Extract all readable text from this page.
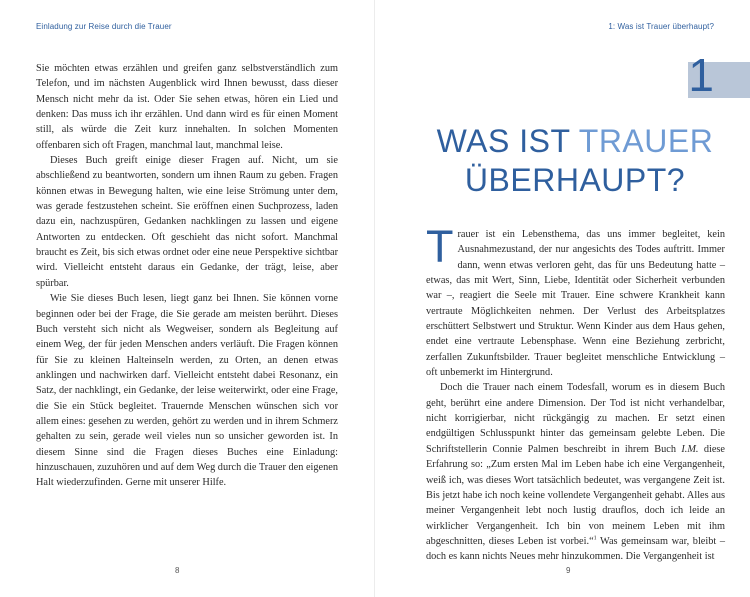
Einladung zur Reise durch die Trauer

Sie möchten etwas erzählen und greifen ganz selbstverständlich zum Telefon, und im nächsten Augenblick wird Ihnen bewusst, dass dieser Mensch nicht mehr da ist. Oder Sie sehen etwas, hören ein Lied und denken: Das muss ich ihr erzählen. Und dann wird es für einen Moment still, als würde die Zeit kurz innehalten. In solchen Momenten offenbaren sich oft Fragen, manchmal laut, manchmal leise.

Dieses Buch greift einige dieser Fragen auf. Nicht, um sie abschließend zu beantworten, sondern um ihnen Raum zu geben. Fragen können etwas in Bewegung halten, wie eine leise Strömung unter dem, was gerade festzustehen scheint. Sie eröffnen einen Suchprozess, laden dazu ein, nachzuspüren, Gedanken nachklingen zu lassen und eigene Antworten zu entdecken. Oft geschieht das nicht sofort. Manchmal braucht es Zeit, bis sich etwas ordnet oder eine neue Perspektive sichtbar wird. Vielleicht entsteht daraus ein Gedanke, der trägt, leise, aber spürbar.

Wie Sie dieses Buch lesen, liegt ganz bei Ihnen. Sie können vorne beginnen oder bei der Frage, die Sie gerade am meisten berührt. Dieses Buch versteht sich nicht als Wegweiser, sondern als Begleitung auf einem Weg, der für jeden Menschen anders verläuft. Die Fragen können für Sie zu kleinen Halteinseln werden, zu Orten, an denen etwas anklingen und nachwirken darf. Vielleicht entsteht dabei Resonanz, ein Satz, der nachklingt, ein Gedanke, der leise weiterwirkt, oder eine Frage, die Sie ein Stück begleitet. Trauernde Menschen wünschen sich vor allem eines: gesehen zu werden, gehört zu werden und in ihrem Schmerz gehalten zu sein, gerade weil vieles nun so unsicher geworden ist. In diesem Sinne sind die Fragen dieses Buches eine Einladung: hinzuschauen, zuzuhören und auf dem Weg durch die Trauer den eigenen Halt wiederzufinden. Gerne mit unserer Hilfe.

8
1: Was ist Trauer überhaupt?
1
WAS IST TRAUER
ÜBERHAUPT?

Trauer ist ein Lebensthema, das uns immer begleitet, kein Ausnahmezustand, der nur angesichts des Todes auftritt. Immer dann, wenn etwas verloren geht, das für uns Bedeutung hatte – etwas, das mit Wert, Sinn, Liebe, Identität oder Sicherheit verbunden war –, reagiert die Seele mit Trauer. Eine schwere Krankheit kann vertraute Möglichkeiten nehmen. Der Verlust des Arbeitsplatzes erschüttert Selbstwert und Struktur. Wenn Kinder aus dem Haus gehen, endet eine vertraute Lebensphase. Wenn eine Beziehung zerbricht, zerfallen Zukunftsbilder. Trauer begleitet menschliche Entwicklung – oft unbemerkt im Hintergrund.

Doch die Trauer nach einem Todesfall, worum es in diesem Buch geht, berührt eine andere Dimension. Der Tod ist nicht verhandelbar, nicht korrigierbar, nicht rückgängig zu machen. Er setzt einen endgültigen Schlusspunkt hinter das gemeinsam gelebte Leben. Die Schriftstellerin Connie Palmen beschreibt in ihrem Buch I.M. diese Erfahrung so: „Zum ersten Mal im Leben habe ich eine Vergangenheit, weiß ich, was dieses Wort tatsächlich bedeutet, was vergangene Zeit ist. Bis jetzt habe ich noch keine vollendete Vergangenheit gehabt. Alles aus meiner Vergangenheit lebt noch lustig drauflos, doch ich leide an wirklicher Vergangenheit. Ich bin von meinem Leben mit ihm abgeschnitten, dieses Leben ist vorbei.“$^1$ Was gemeinsam war, bleibt – doch es kann nichts Neues mehr hinzukommen. Die Vergangenheit ist

9
